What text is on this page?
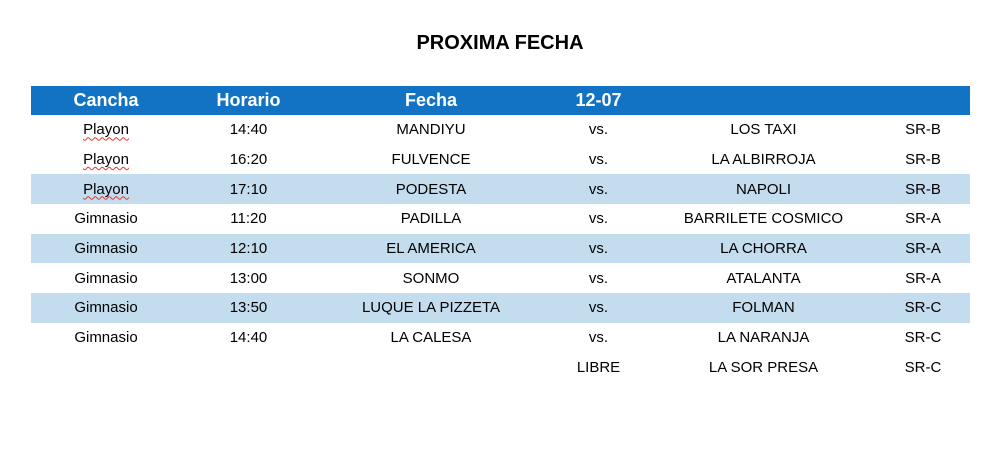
PROXIMA FECHA
Cancha	Horario	Fecha	12-07		
Playon	14:40	MANDIYU	vs.	LOS TAXI	SR-B
Playon	16:20	FULVENCE	vs.	LA ALBIRROJA	SR-B
Playon	17:10	PODESTA	vs.	NAPOLI	SR-B
Gimnasio	11:20	PADILLA	vs.	BARRILETE COSMICO	SR-A
Gimnasio	12:10	EL AMERICA	vs.	LA CHORRA	SR-A
Gimnasio	13:00	SONMO	vs.	ATALANTA	SR-A
Gimnasio	13:50	LUQUE LA PIZZETA	vs.	FOLMAN	SR-C
Gimnasio	14:40	LA CALESA	vs.	LA NARANJA	SR-C
			LIBRE	LA SOR PRESA	SR-C
